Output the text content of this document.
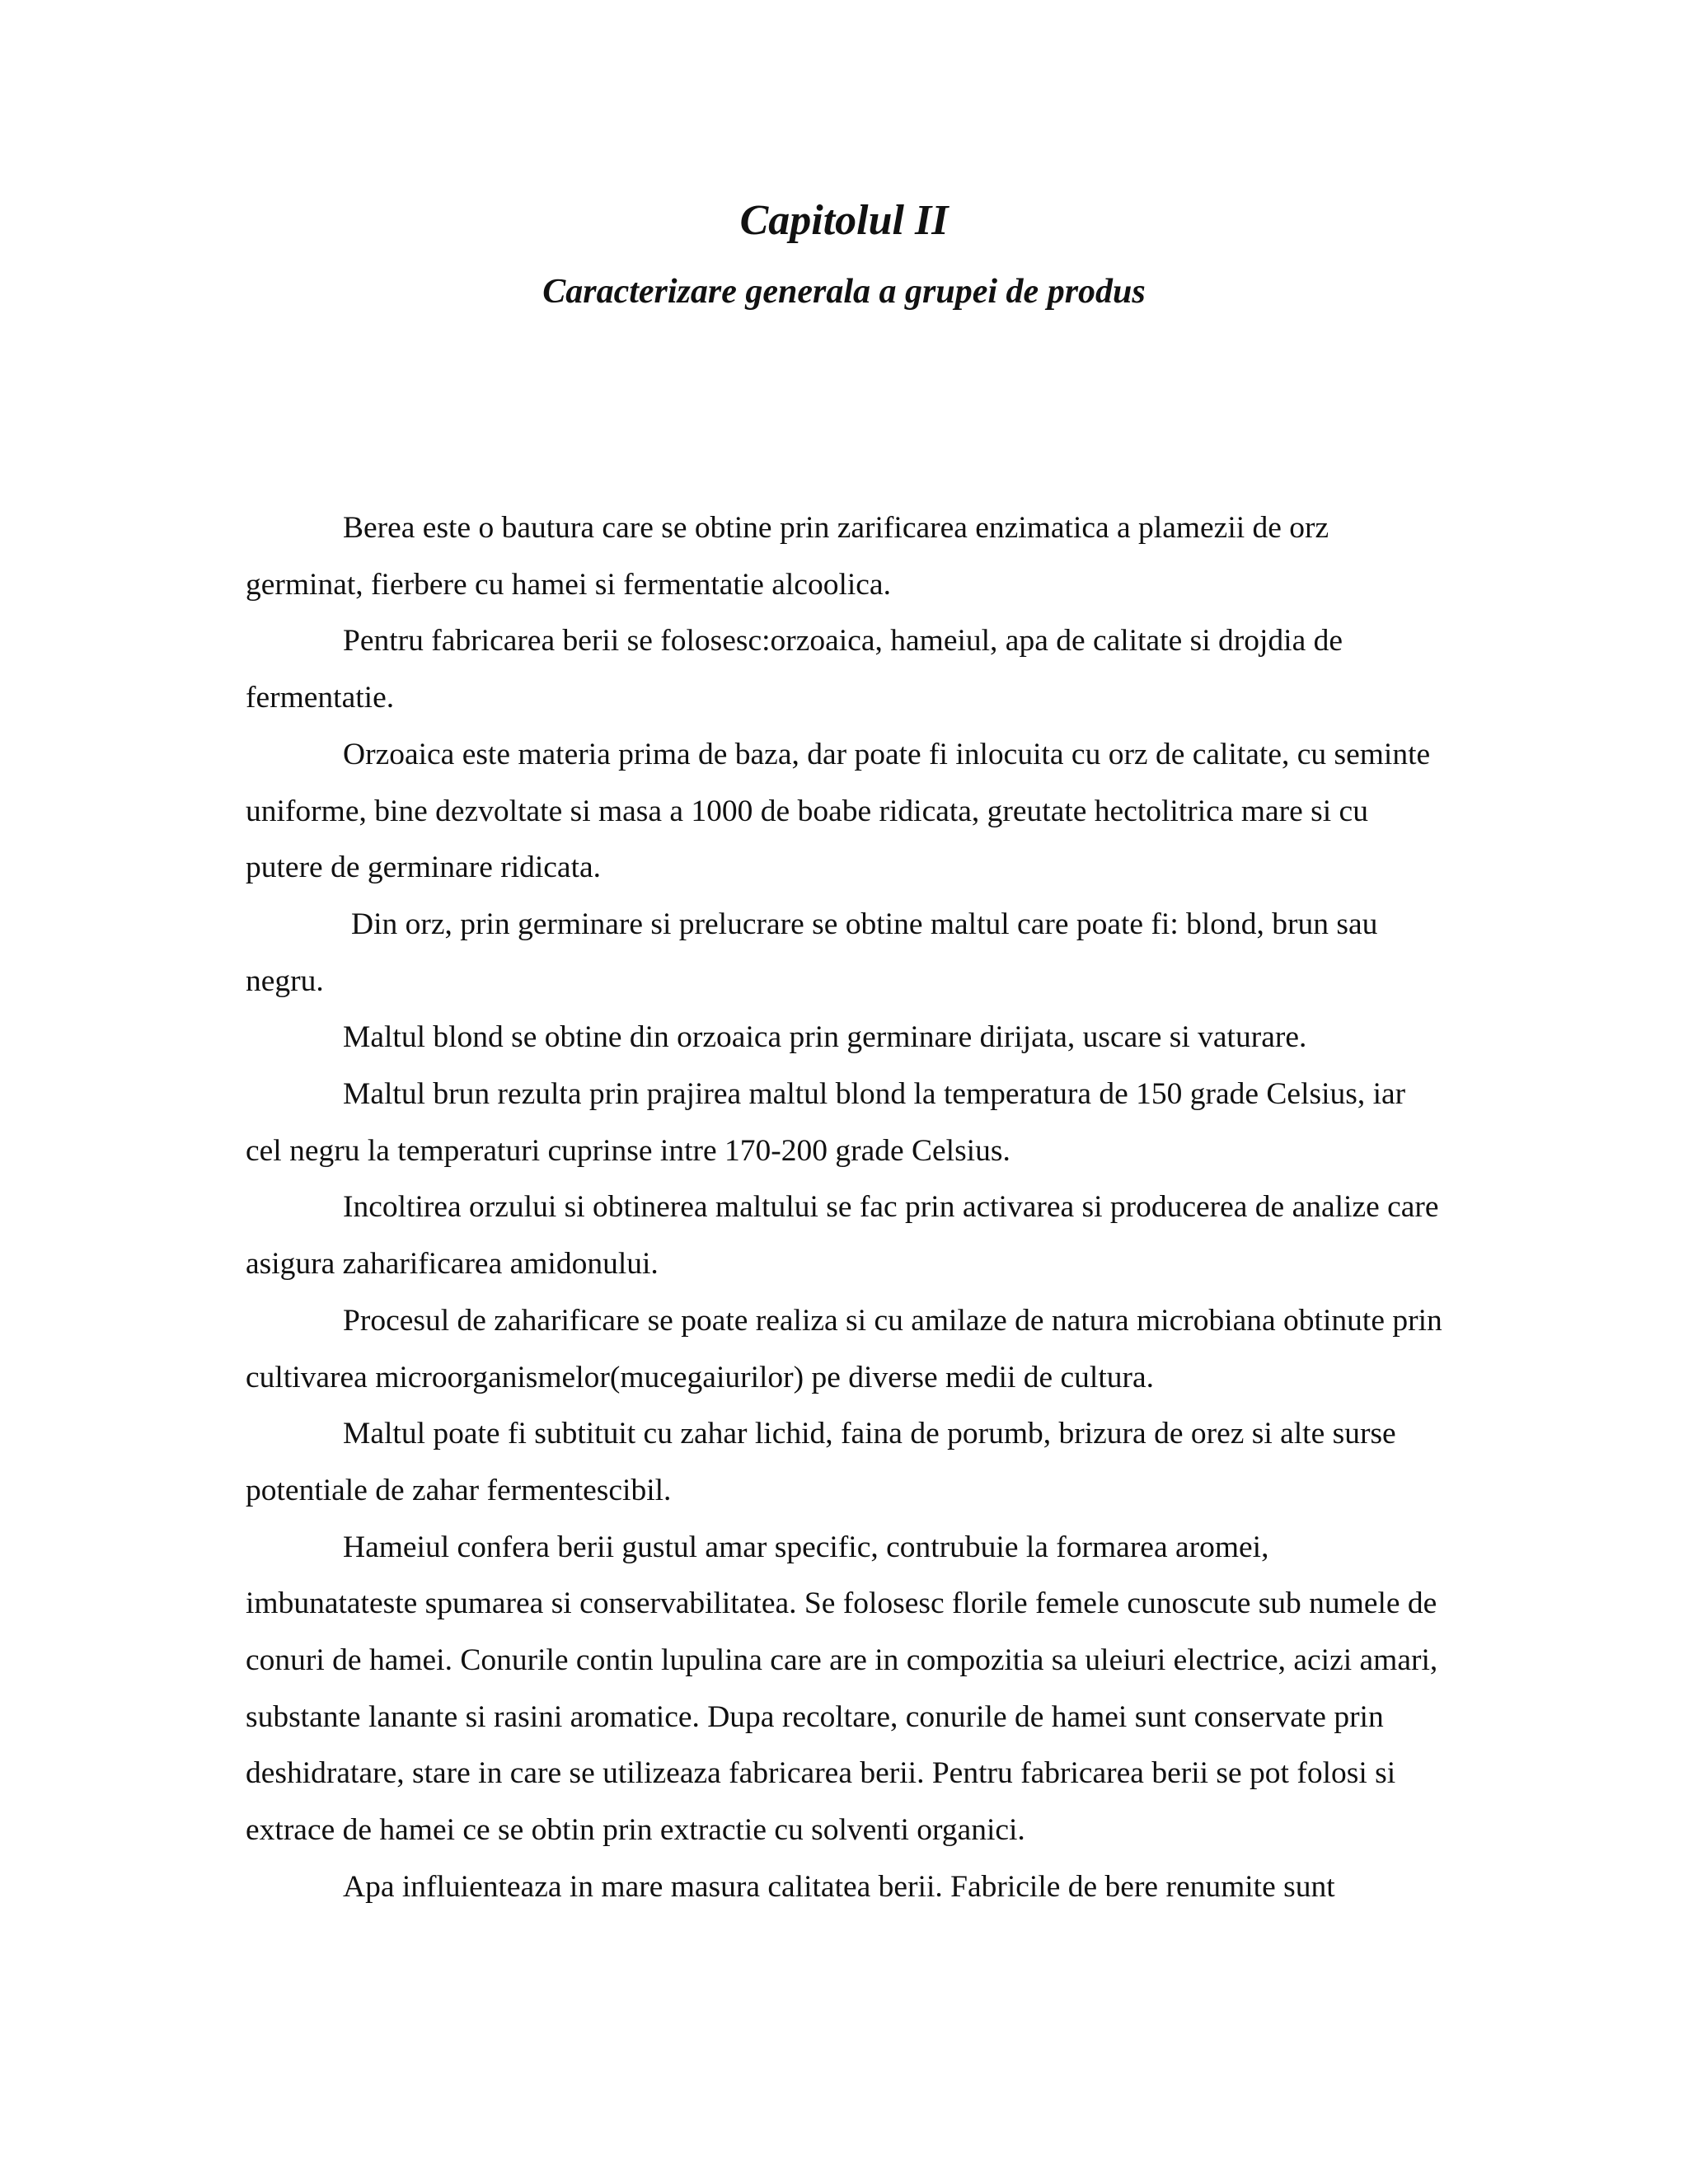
Capitolul II
Caracterizare generala a grupei de produs

Berea este o bautura care se obtine prin zarificarea enzimatica a plamezii de orz germinat, fierbere cu hamei si fermentatie alcoolica.

Pentru fabricarea berii se folosesc:orzoaica, hameiul, apa de calitate si drojdia de fermentatie.

Orzoaica este materia prima de baza, dar poate fi inlocuita cu orz de calitate, cu seminte uniforme, bine dezvoltate si masa a 1000 de boabe ridicata, greutate hectolitrica mare si cu putere de germinare ridicata.

Din orz, prin germinare si prelucrare se obtine maltul care poate fi: blond, brun sau negru.

Maltul blond se obtine din orzoaica prin germinare dirijata, uscare si vaturare.

Maltul brun rezulta prin prajirea maltul blond la temperatura de 150 grade Celsius, iar cel negru la temperaturi cuprinse intre 170-200 grade Celsius.

Incoltirea orzului si obtinerea maltului se fac prin activarea si producerea de analize care asigura zaharificarea amidonului.

Procesul de zaharificare se poate realiza si cu amilaze de natura microbiana obtinute prin cultivarea microorganismelor(mucegaiurilor) pe diverse medii de cultura.

Maltul poate fi subtituit cu zahar lichid, faina de porumb, brizura de orez si alte surse potentiale de zahar fermentescibil.

Hameiul confera berii gustul amar specific, contrubuie la formarea aromei, imbunatateste spumarea si conservabilitatea. Se folosesc florile femele cunoscute sub numele de conuri de hamei. Conurile contin lupulina care are in compozitia sa uleiuri electrice, acizi amari, substante lanante si rasini aromatice. Dupa recoltare, conurile de hamei sunt conservate prin deshidratare, stare in care se utilizeaza fabricarea berii. Pentru fabricarea berii se pot folosi si extrace de hamei ce se obtin prin extractie cu solventi organici.

Apa influienteaza in mare masura calitatea berii. Fabricile de bere renumite sunt
